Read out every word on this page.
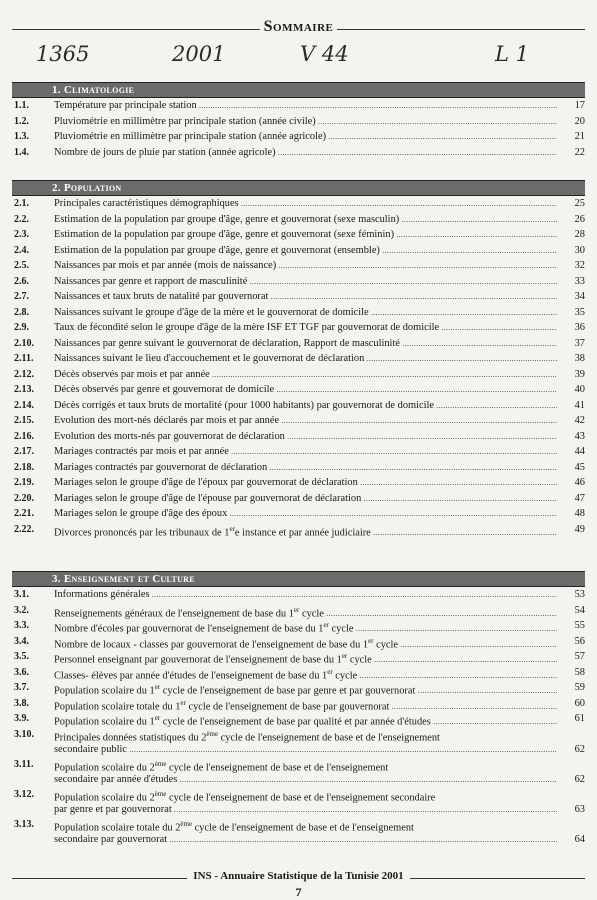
Sommaire
1365	2001	V 44	L 1
1. Climatologie
1.1. Température par principale station .....	17
1.2. Pluviométrie en millimètre par principale station (année civile) .....	20
1.3. Pluviométrie en millimètre par principale station (année agricole) .....	21
1.4. Nombre de jours de pluie par station (année agricole) .....	22
2. Population
2.1. Principales caractéristiques démographiques .....	25
2.2. Estimation de la population par groupe d'âge, genre et gouvernorat (sexe masculin) .....	26
2.3. Estimation de la population par groupe d'âge, genre et gouvernorat (sexe féminin) .....	28
2.4. Estimation de la population par groupe d'âge, genre et gouvernorat (ensemble) .....	30
2.5. Naissances par mois et par année (mois de naissance) .....	32
2.6. Naissances par genre et rapport de masculinité .....	33
2.7. Naissances et taux bruts de natalité par gouvernorat .....	34
2.8. Naissances suivant le groupe d'âge de la mère et le gouvernorat de domicile .....	35
2.9. Taux de fécondité selon le groupe d'âge de la mère ISF ET TGF par gouvernorat de domicile .....	36
2.10. Naissances par genre suivant le gouvernorat de déclaration, Rapport de masculinité .....	37
2.11. Naissances suivant le lieu d'accouchement et le gouvernorat de déclaration .....	38
2.12. Décès observés par mois et par année .....	39
2.13. Décès observés par genre et gouvernorat de domicile .....	40
2.14. Décès corrigés et taux bruts de mortalité (pour 1000 habitants) par gouvernorat de domicile .....	41
2.15. Evolution des mort-nés déclarés par mois et par année .....	42
2.16. Evolution des morts-nés par gouvernorat de déclaration .....	43
2.17. Mariages contractés par mois et par année .....	44
2.18. Mariages contractés par gouvernorat de déclaration .....	45
2.19. Mariages selon le groupe d'âge de l'époux par gouvernorat de déclaration .....	46
2.20. Mariages selon le groupe d'âge de l'épouse par gouvernorat de déclaration .....	47
2.21. Mariages selon le groupe d'âge des époux .....	48
2.22. Divorces prononcés par les tribunaux de 1ere instance et par année judiciaire .....	49
3. Enseignement et Culture
3.1. Informations générales .....	53
3.2. Renseignements généraux de l'enseignement de base du 1er cycle .....	54
3.3. Nombre d'écoles par gouvernorat de l'enseignement de base du 1er cycle .....	55
3.4. Nombre de locaux - classes par gouvernorat de l'enseignement de base du 1er cycle .....	56
3.5. Personnel enseignant par gouvernorat de l'enseignement de base du 1er cycle .....	57
3.6. Classes- élèves par année d'études de l'enseignement de base du 1er cycle .....	58
3.7. Population scolaire du 1er cycle de l'enseignement de base par genre et par gouvernorat .....	59
3.8. Population scolaire totale du 1er cycle de l'enseignement de base par gouvernorat .....	60
3.9. Population scolaire du 1er cycle de l'enseignement de base par qualité et par année d'études .....	61
3.10. Principales données statistiques du 2ème cycle de l'enseignement de base et de l'enseignement
secondaire public .....	62
3.11. Population scolaire du 2ème cycle de l'enseignement de base et de l'enseignement
secondaire par année d'études .....	62
3.12. Population scolaire du 2ème cycle de l'enseignement de base et de l'enseignement secondaire
par genre et par gouvernorat .....	63
3.13. Population scolaire totale du 2ème cycle de l'enseignement de base et de l'enseignement
secondaire par gouvernorat .....	64
INS - Annuaire Statistique de la Tunisie 2001
7
